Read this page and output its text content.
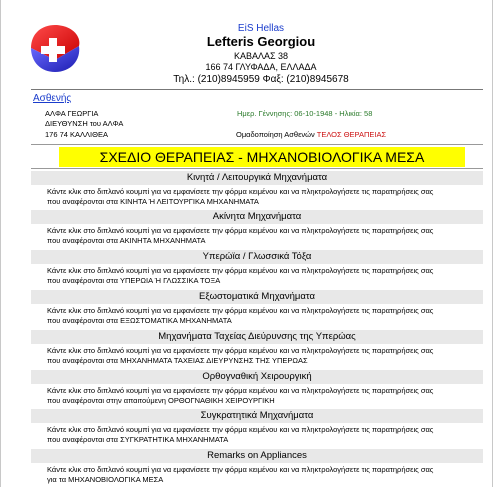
EiS Hellas
Lefteris Georgiou
ΚΑΒΑΛΑΣ 38
166 74 ΓΛΥΦΑΔΑ, ΕΛΛΑΔΑ
Τηλ.: (210)8945959 Φαξ: (210)8945678
Ασθενής
ΑΛΦΑ ΓΕΩΡΓΙΑ
ΔΙΕΥΘΥΝΣΗ του ΑΛΦΑ
176 74 ΚΑΛΛΙΘΕΑ
Ημερ. Γέννησης: 06-10-1948 - Ηλικία: 58
Ομαδοποίηση Ασθενών ΤΕΛΟΣ ΘΕΡΑΠΕΙΑΣ
ΣΧΕΔΙΟ ΘΕΡΑΠΕΙΑΣ - ΜΗΧΑΝΟΒΙΟΛΟΓΙΚΑ ΜΕΣΑ
Κινητά / Λειτουργικά Μηχανήματα
Κάντε κλικ στο διπλανό κουμπί για να εμφανίσετε την φόρμα κειμένου και να πληκτρολογήσετε τις παρατηρήσεις σας
που αναφέρονται στα ΚΙΝΗΤΑ Ή ΛΕΙΤΟΥΡΓΙΚΑ ΜΗΧΑΝΗΜΑΤΑ
Ακίνητα Μηχανήματα
Κάντε κλικ στο διπλανό κουμπί για να εμφανίσετε την φόρμα κειμένου και να πληκτρολογήσετε τις παρατηρήσεις σας
που αναφέρονται στα ΑΚΙΝΗΤΑ ΜΗΧΑΝΗΜΑΤΑ
Υπερώϊα / Γλωσσικά Τόξα
Κάντε κλικ στο διπλανό κουμπί για να εμφανίσετε την φόρμα κειμένου και να πληκτρολογήσετε τις παρατηρήσεις σας
που αναφέρονται στα ΥΠΕΡΩΙΑ Ή ΓΛΩΣΣΙΚΑ ΤΟΞΑ
Εξωστοματικά Μηχανήματα
Κάντε κλικ στο διπλανό κουμπί για να εμφανίσετε την φόρμα κειμένου και να πληκτρολογήσετε τις παρατηρήσεις σας
που αναφέρονται στα ΕΞΩΣΤΟΜΑΤΙΚΑ ΜΗΧΑΝΗΜΑΤΑ
Μηχανήματα Ταχείας Διεύρυνσης της Υπερώας
Κάντε κλικ στο διπλανό κουμπί για να εμφανίσετε την φόρμα κειμένου και να πληκτρολογήσετε τις παρατηρήσεις σας
που αναφέρονται στα ΜΗΧΑΝΗΜΑΤΑ ΤΑΧΕΙΑΣ ΔΙΕΥΡΥΝΣΗΣ ΤΗΣ ΥΠΕΡΩΑΣ
Ορθογναθική Χειρουργική
Κάντε κλικ στο διπλανό κουμπί για να εμφανίσετε την φόρμα κειμένου και να πληκτρολογήσετε τις παρατηρήσεις σας
που αναφέρονται στην απαιτούμενη ΟΡΘΟΓΝΑΘΙΚΗ ΧΕΙΡΟΥΡΓΙΚΗ
Συγκρατητικά Μηχανήματα
Κάντε κλικ στο διπλανό κουμπί για να εμφανίσετε την φόρμα κειμένου και να πληκτρολογήσετε τις παρατηρήσεις σας
που αναφέρονται στα ΣΥΓΚΡΑΤΗΤΙΚΑ ΜΗΧΑΝΗΜΑΤΑ
Remarks on Appliances
Κάντε κλικ στο διπλανό κουμπί για να εμφανίσετε την φόρμα κειμένου και να πληκτρολογήσετε τις παρατηρήσεις σας
για τα ΜΗΧΑΝΟΒΙΟΛΟΓΙΚΑ ΜΕΣΑ
